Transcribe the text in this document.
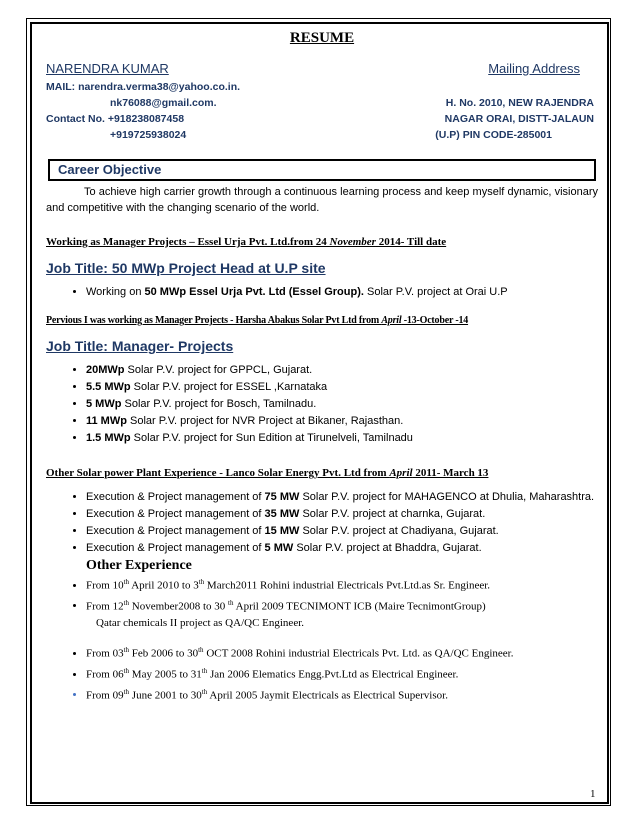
RESUME
NARENDRA KUMAR	Mailing Address
MAIL: narendra.verma38@yahoo.co.in.
nk76088@gmail.com.	H. No. 2010, NEW RAJENDRA
Contact No. +918238087458	NAGAR ORAI, DISTT-JALAUN
+919725938024	(U.P) PIN CODE-285001
Career Objective

To achieve high carrier growth through a continuous learning process and keep myself dynamic, visionary and competitive with the changing scenario of the world.

Working as Manager Projects – Essel Urja Pvt. Ltd.from 24 November 2014- Till date
Job Title: 50 MWp Project Head at U.P site
• Working on 50 MWp Essel Urja Pvt. Ltd (Essel Group). Solar P.V. project at Orai U.P
Pervious I was working as Manager Projects - Harsha Abakus Solar Pvt Ltd from April -13-October -14
Job Title: Manager- Projects
• 20MWp Solar P.V. project for GPPCL, Gujarat.
• 5.5 MWp Solar P.V. project for ESSEL ,Karnataka
• 5 MWp Solar P.V. project for Bosch, Tamilnadu.
• 11 MWp Solar P.V. project for NVR Project at Bikaner, Rajasthan.
• 1.5 MWp Solar P.V. project for Sun Edition at Tirunelveli, Tamilnadu
Other Solar power Plant Experience - Lanco Solar Energy Pvt. Ltd from April 2011- March 13
• Execution & Project management of 75 MW Solar P.V. project for MAHAGENCO at Dhulia, Maharashtra.
• Execution & Project management of 35 MW Solar P.V. project at charnka, Gujarat.
• Execution & Project management of 15 MW Solar P.V. project at Chadiyana, Gujarat.
• Execution & Project management of 5 MW Solar P.V. project at Bhaddra, Gujarat.
Other Experience
• From 10th April 2010 to 3th March2011 Rohini industrial Electricals Pvt.Ltd.as Sr. Engineer.
• From 12th November2008 to 30 $^{th}$ April 2009 TECNIMONT ICB (Maire TecnimontGroup)
Qatar chemicals II project as QA/QC Engineer.
• From 03th Feb 2006 to 30th OCT 2008 Rohini industrial Electricals Pvt. Ltd. as QA/QC Engineer.
• From 06th May 2005 to 31th Jan 2006 Elematics Engg.Pvt.Ltd as Electrical Engineer.
• From 09th June 2001 to 30th April 2005 Jaymit Electricals as Electrical Supervisor.
1
